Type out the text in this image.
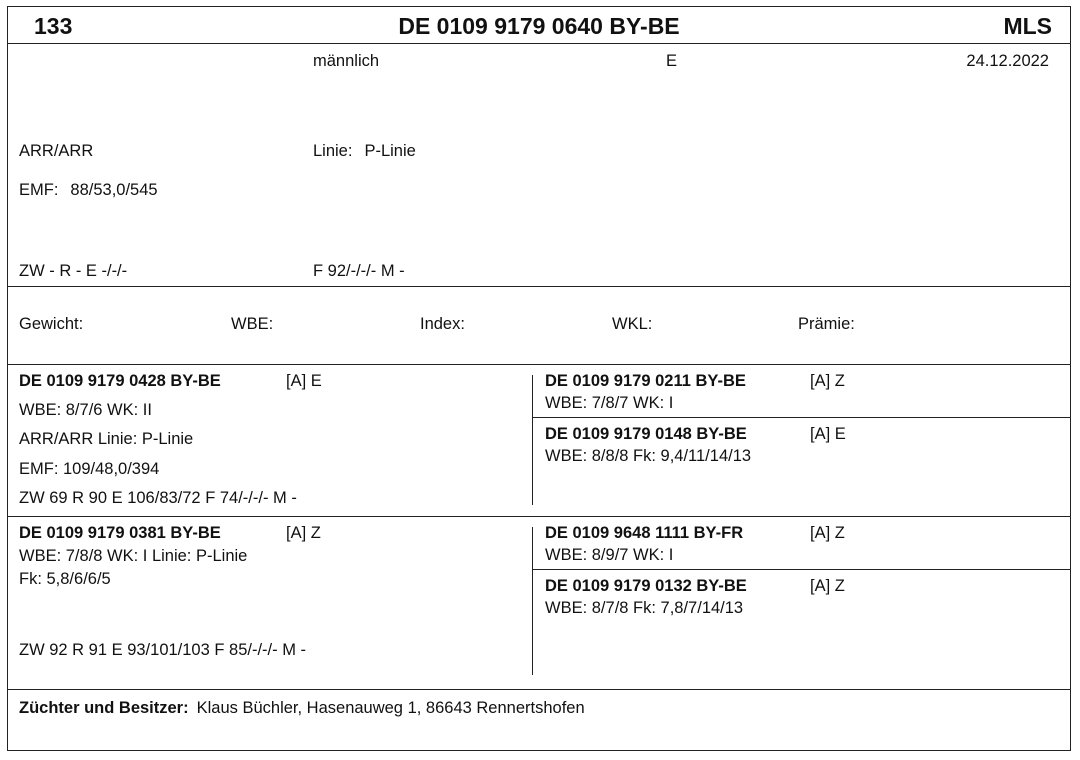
133	DE 0109 9179 0640 BY-BE	MLS
männlich	E	24.12.2022
ARR/ARR	Linie: P-Linie
EMF: 88/53,0/545
ZW - R - E -/-/-	F 92/-/-/- M -
Gewicht:	WBE:	Index:	WKL:	Prämie:
DE 0109 9179 0428 BY-BE	[A] E
WBE: 8/7/6 WK: II
ARR/ARR Linie: P-Linie
EMF: 109/48,0/394
ZW 69 R 90 E 106/83/72 F 74/-/-/- M -
DE 0109 9179 0211 BY-BE	[A] Z
WBE: 7/8/7 WK: I
DE 0109 9179 0148 BY-BE	[A] E
WBE: 8/8/8 Fk: 9,4/11/14/13
DE 0109 9179 0381 BY-BE	[A] Z
WBE: 7/8/8 WK: I Linie: P-Linie
Fk: 5,8/6/6/5
ZW 92 R 91 E 93/101/103 F 85/-/-/- M -
DE 0109 9648 1111 BY-FR	[A] Z
WBE: 8/9/7 WK: I
DE 0109 9179 0132 BY-BE	[A] Z
WBE: 8/7/8 Fk: 7,8/7/14/13
Züchter und Besitzer: Klaus Büchler, Hasenauweg 1, 86643 Rennertshofen
